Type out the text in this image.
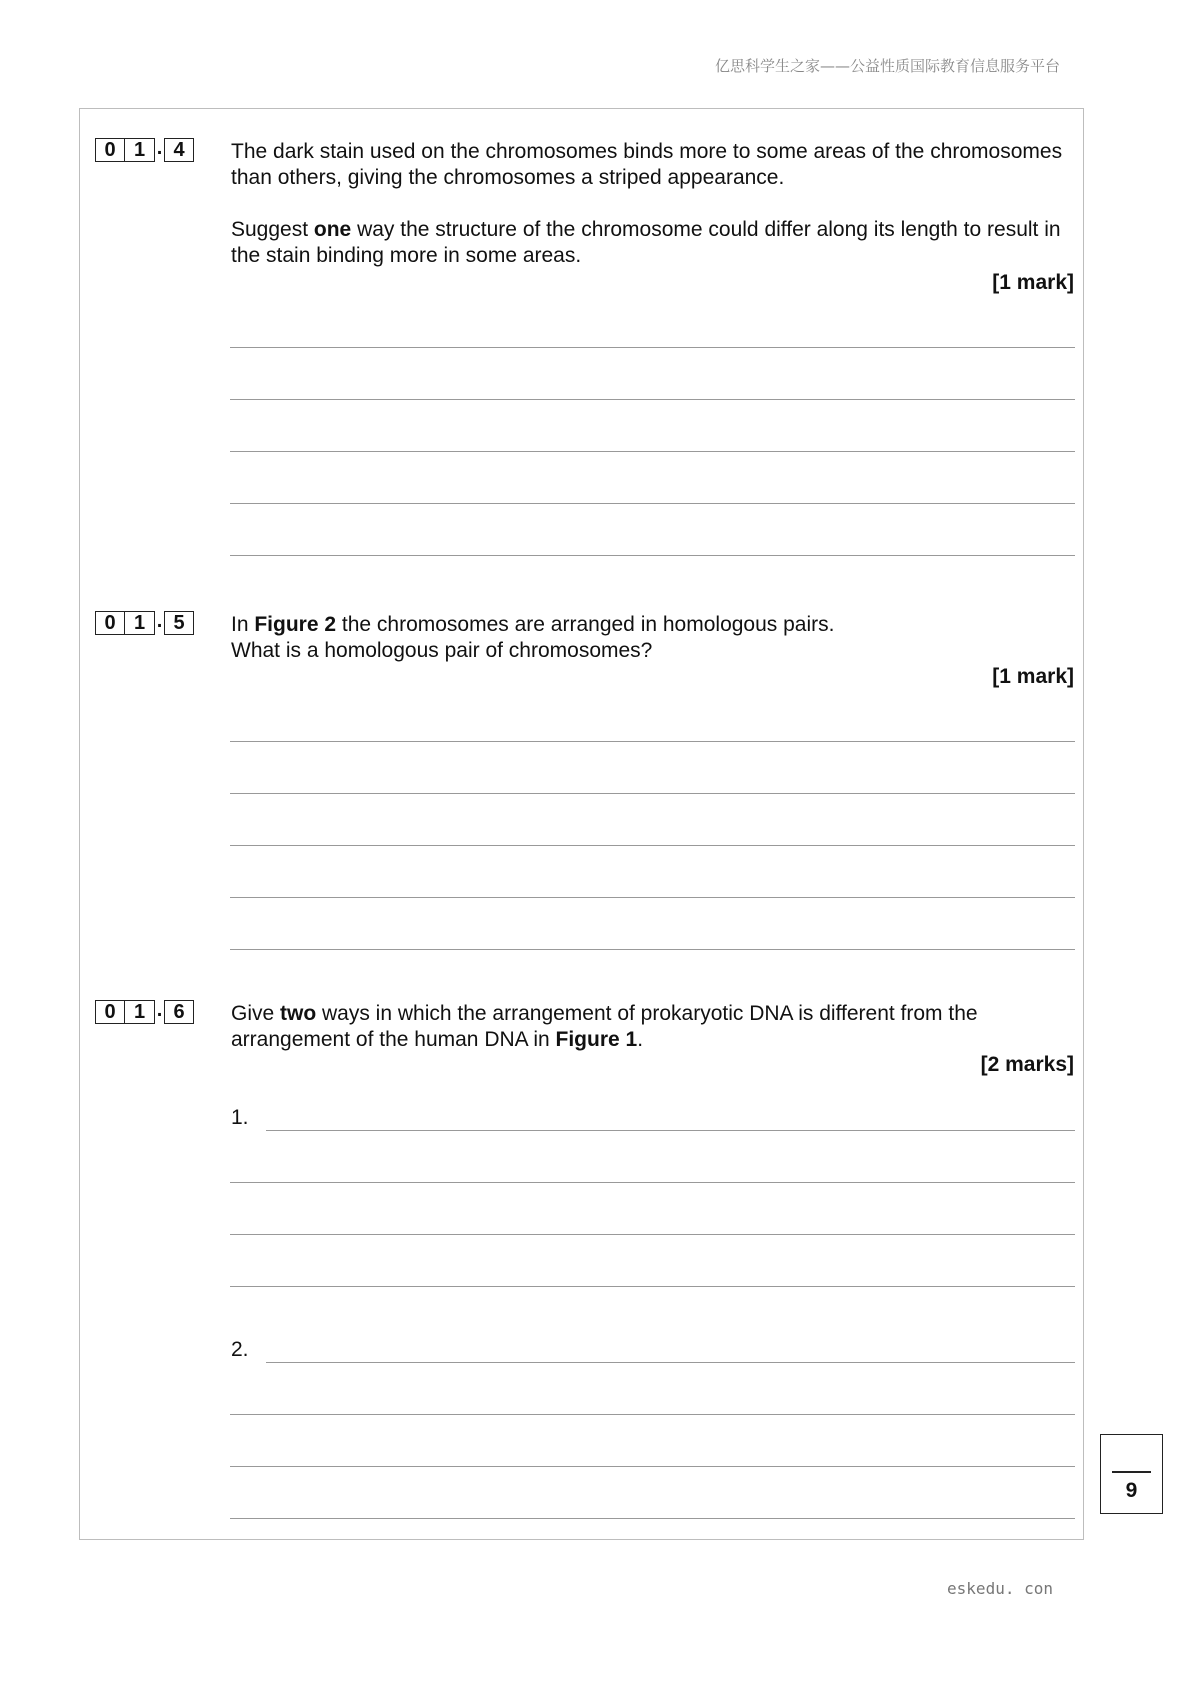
亿思科学生之家——公益性质国际教育信息服务平台
0 1 . 4	The dark stain used on the chromosomes binds more to some areas of the chromosomes than others, giving the chromosomes a striped appearance.

Suggest one way the structure of the chromosome could differ along its length to result in the stain binding more in some areas.

[1 mark]
0 1 . 5	In Figure 2 the chromosomes are arranged in homologous pairs.
What is a homologous pair of chromosomes?
[1 mark]
0 1 . 6	Give two ways in which the arrangement of prokaryotic DNA is different from the arrangement of the human DNA in Figure 1.
[2 marks]
1.
2.
9
eskedu. con
